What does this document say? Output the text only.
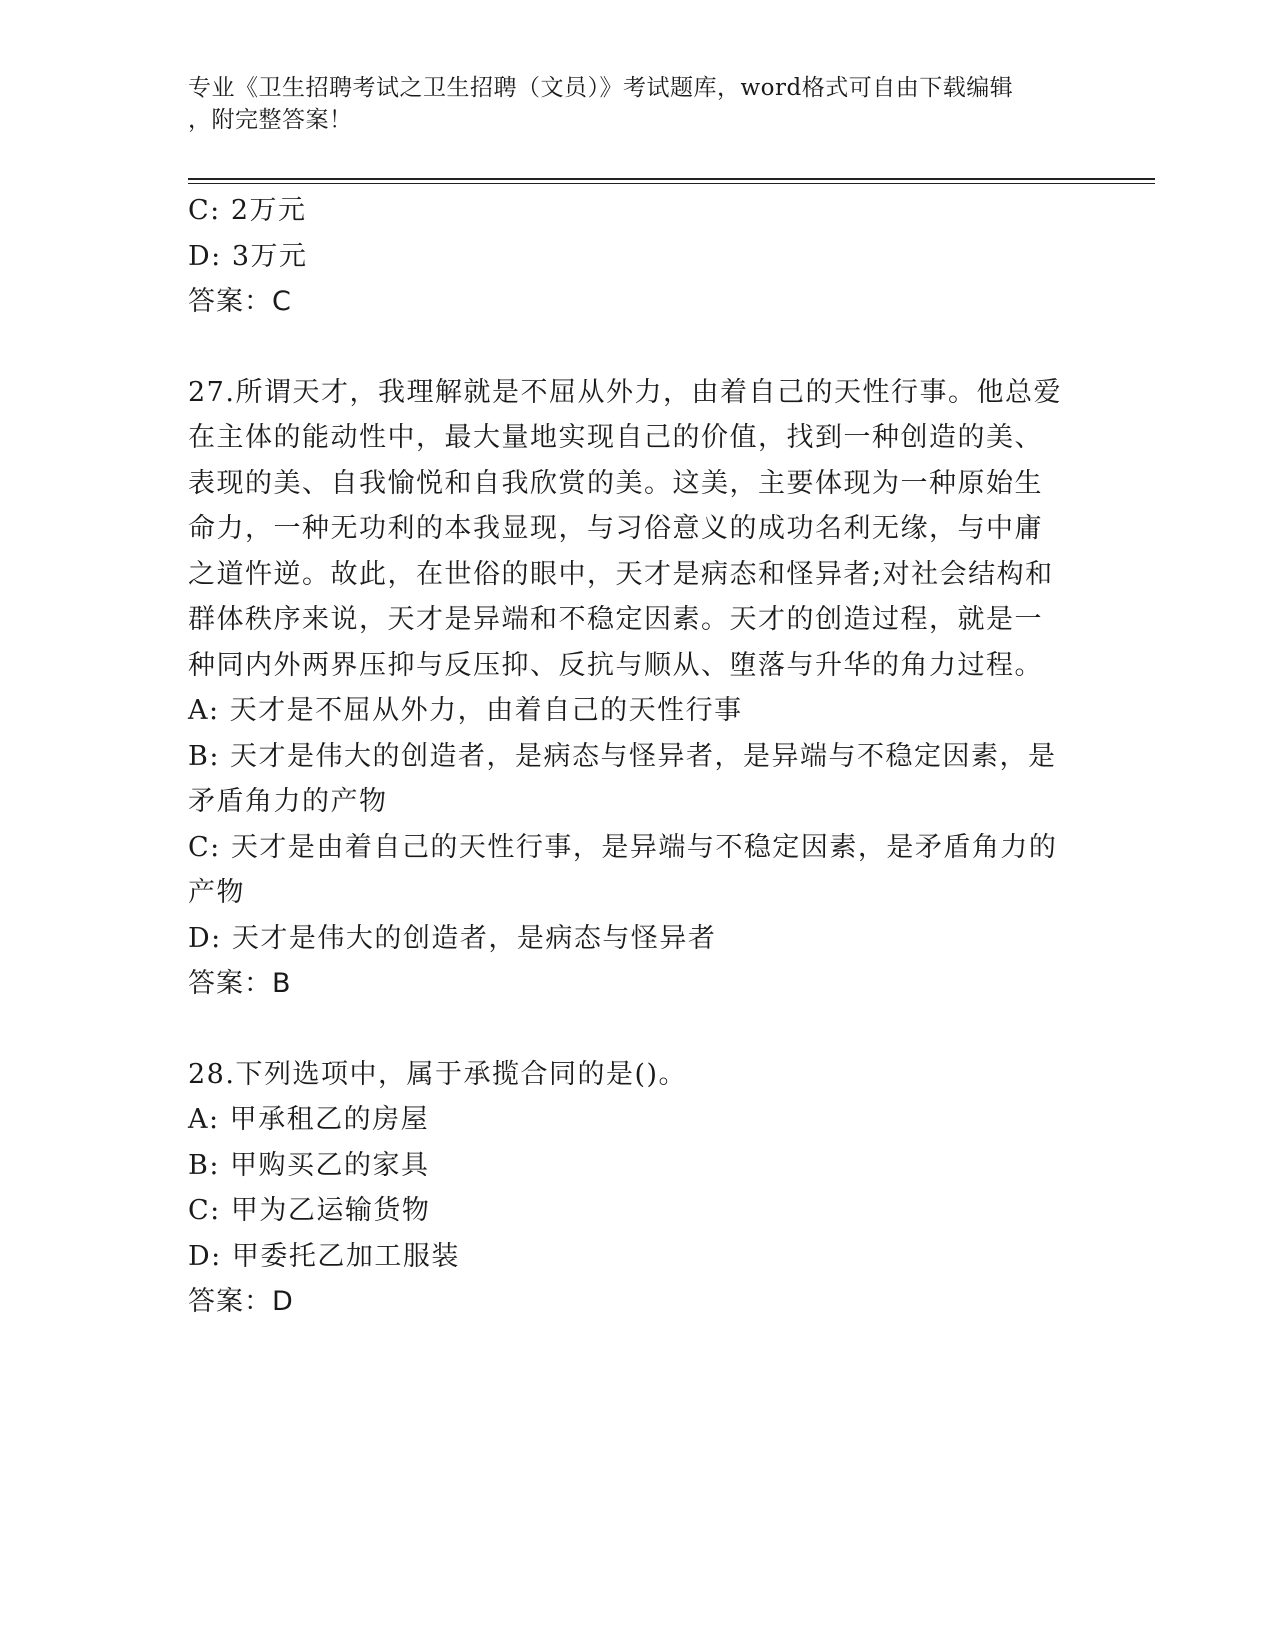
专业《卫生招聘考试之卫生招聘（文员）》考试题库，word格式可自由下载编辑
，附完整答案！

C: 2万元

D: 3万元

答案：C

27.所谓天才，我理解就是不屈从外力，由着自己的天性行事。他总爱

在主体的能动性中，最大量地实现自己的价值，找到一种创造的美、

表现的美、自我愉悦和自我欣赏的美。这美，主要体现为一种原始生

命力，一种无功利的本我显现，与习俗意义的成功名利无缘，与中庸

之道忤逆。故此，在世俗的眼中，天才是病态和怪异者;对社会结构和

群体秩序来说，天才是异端和不稳定因素。天才的创造过程，就是一

种同内外两界压抑与反压抑、反抗与顺从、堕落与升华的角力过程。

A: 天才是不屈从外力，由着自己的天性行事

B: 天才是伟大的创造者，是病态与怪异者，是异端与不稳定因素，是

矛盾角力的产物

C: 天才是由着自己的天性行事，是异端与不稳定因素，是矛盾角力的

产物

D: 天才是伟大的创造者，是病态与怪异者

答案：B

28.下列选项中，属于承揽合同的是()。

A: 甲承租乙的房屋

B: 甲购买乙的家具

C: 甲为乙运输货物

D: 甲委托乙加工服装

答案：D
